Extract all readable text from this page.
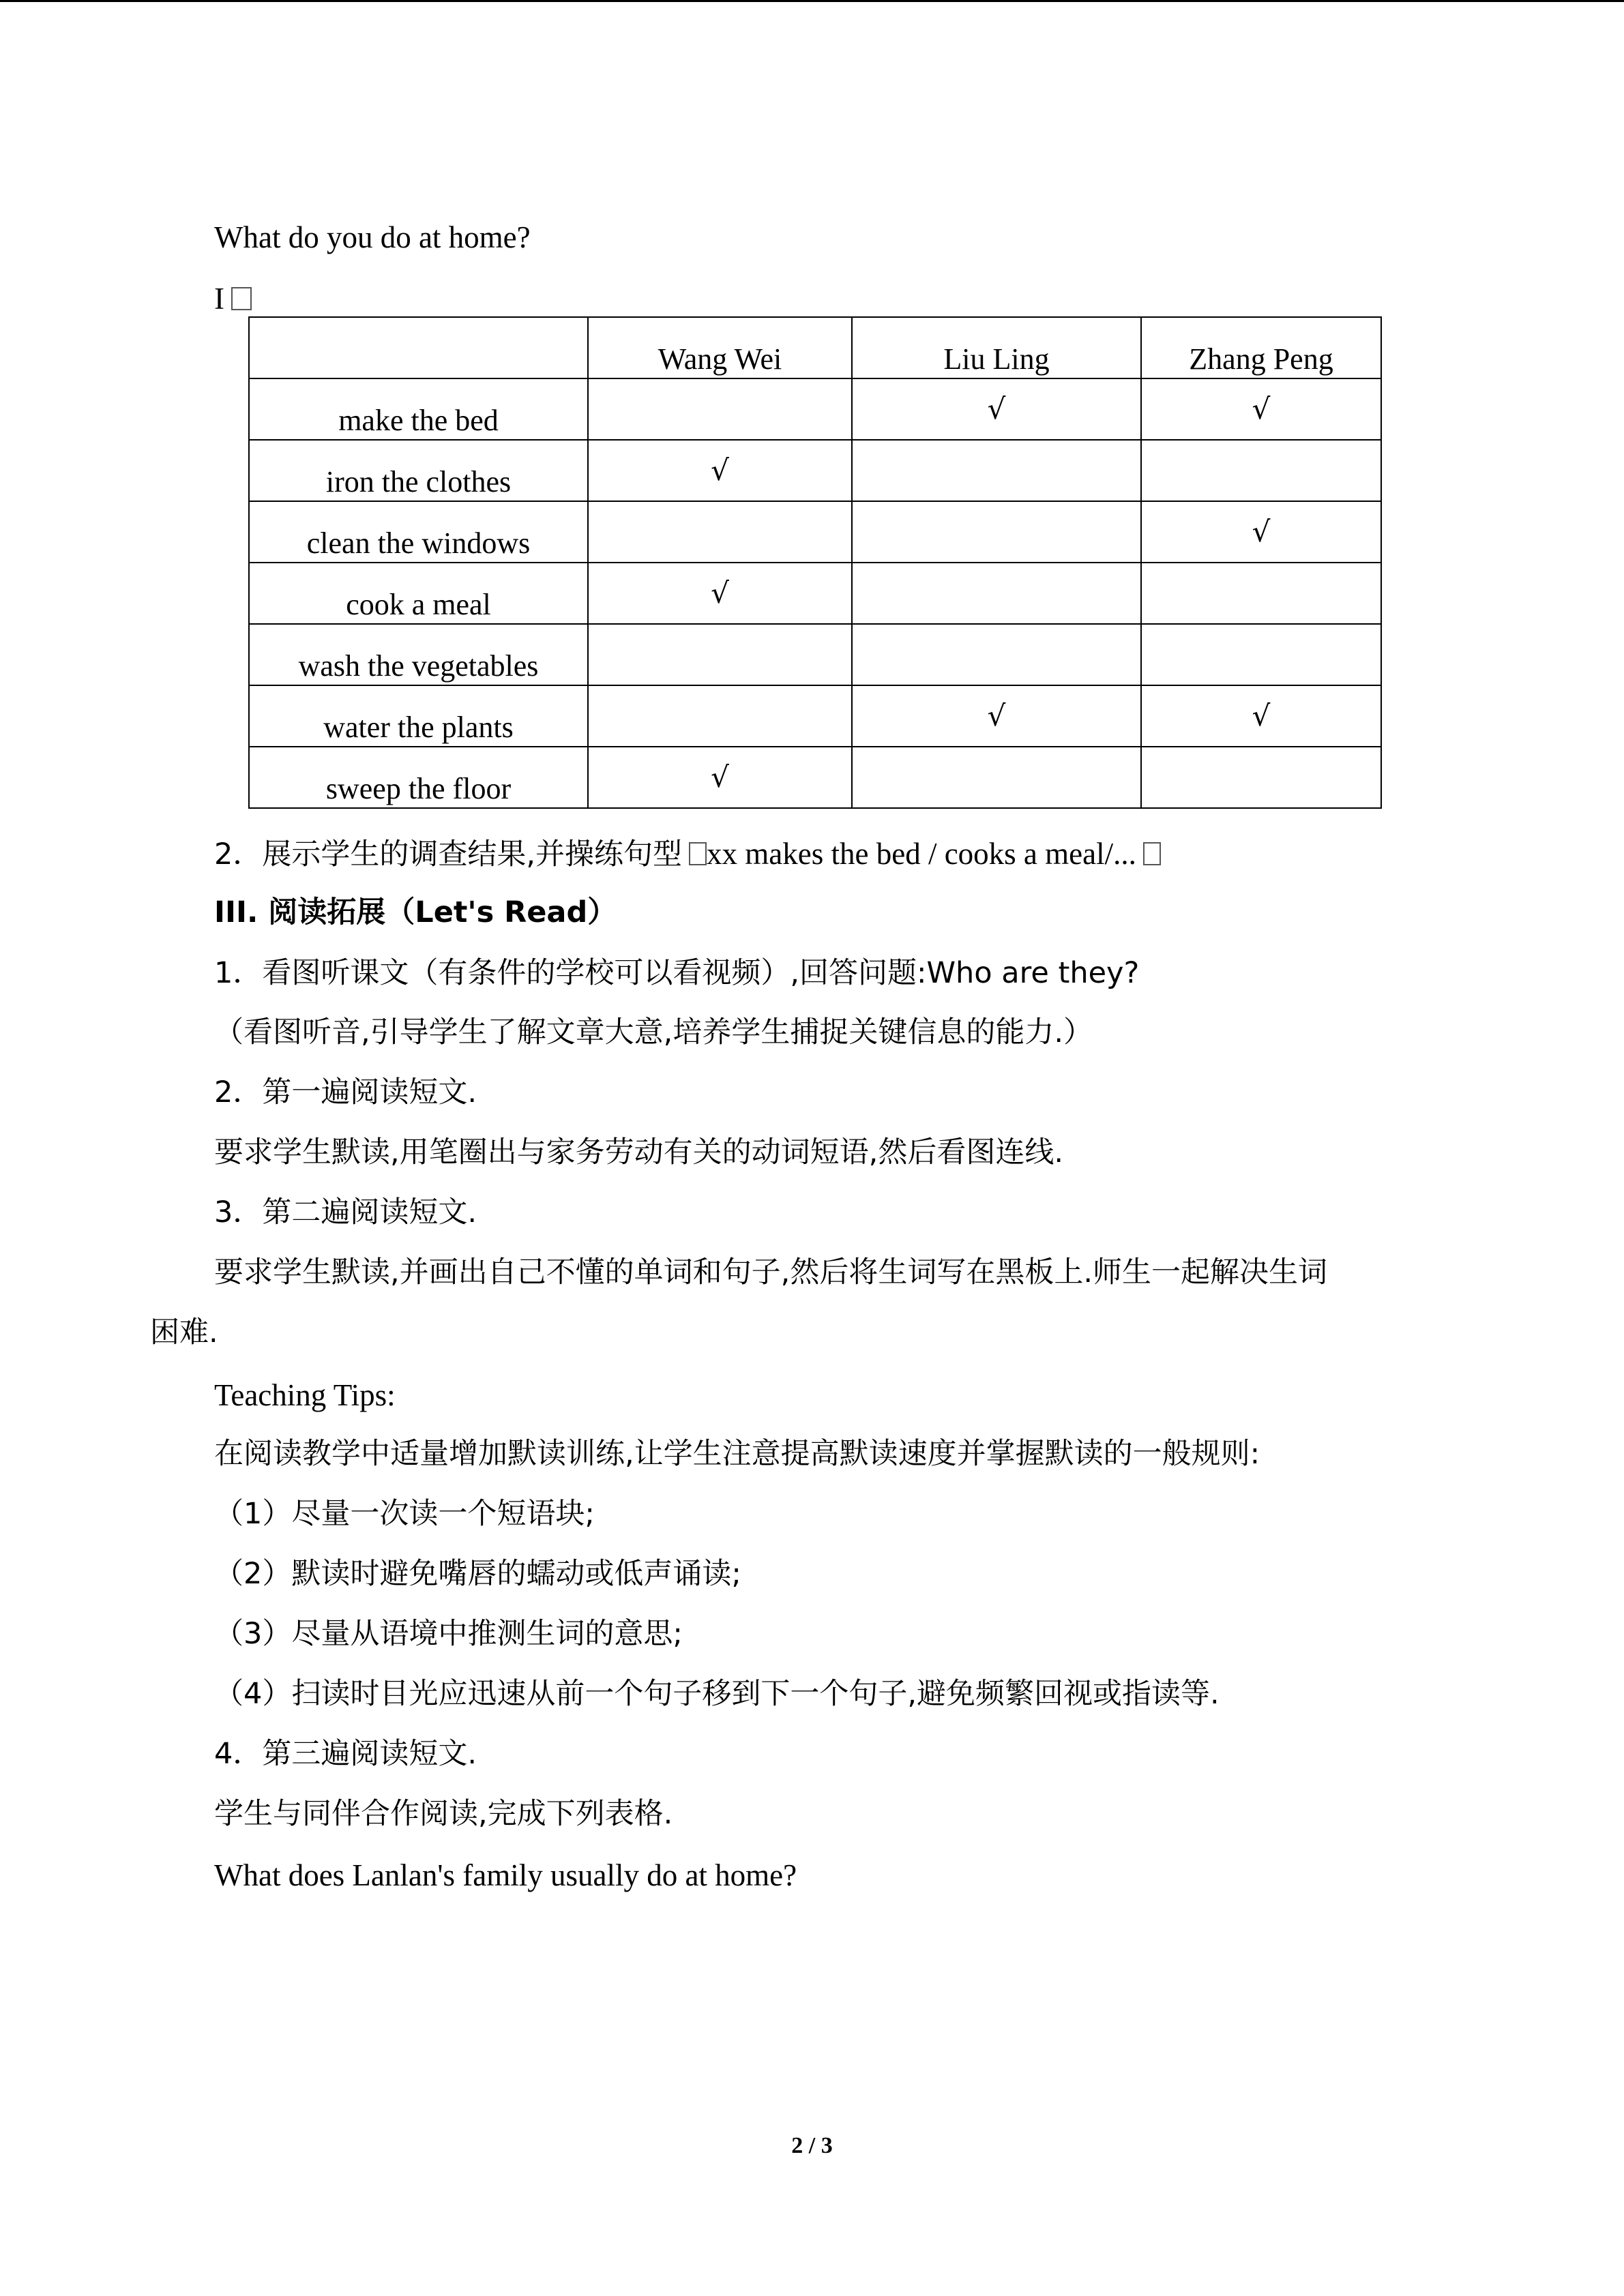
What do you do at home?
I
	Wang Wei	Liu Ling	Zhang Peng
make the bed		√	√
iron the clothes	√		
clean the windows			√
cook a meal	√		
wash the vegetables			
water the plants		√	√
sweep the floor	√		
2．展示学生的调查结果,并操练句型 xx makes the bed / cooks a meal/...
III. 阅读拓展（Let's Read）
1．看图听课文（有条件的学校可以看视频）,回答问题:Who are they?
（看图听音,引导学生了解文章大意,培养学生捕捉关键信息的能力.）
2．第一遍阅读短文.
要求学生默读,用笔圈出与家务劳动有关的动词短语,然后看图连线.
3．第二遍阅读短文.
要求学生默读,并画出自己不懂的单词和句子,然后将生词写在黑板上.师生一起解决生词
困难.
Teaching Tips:
在阅读教学中适量增加默读训练,让学生注意提高默读速度并掌握默读的一般规则:
（1）尽量一次读一个短语块;
（2）默读时避免嘴唇的蠕动或低声诵读;
（3）尽量从语境中推测生词的意思;
（4）扫读时目光应迅速从前一个句子移到下一个句子,避免频繁回视或指读等.
4．第三遍阅读短文.
学生与同伴合作阅读,完成下列表格.
What does Lanlan's family usually do at home?
2 / 3
